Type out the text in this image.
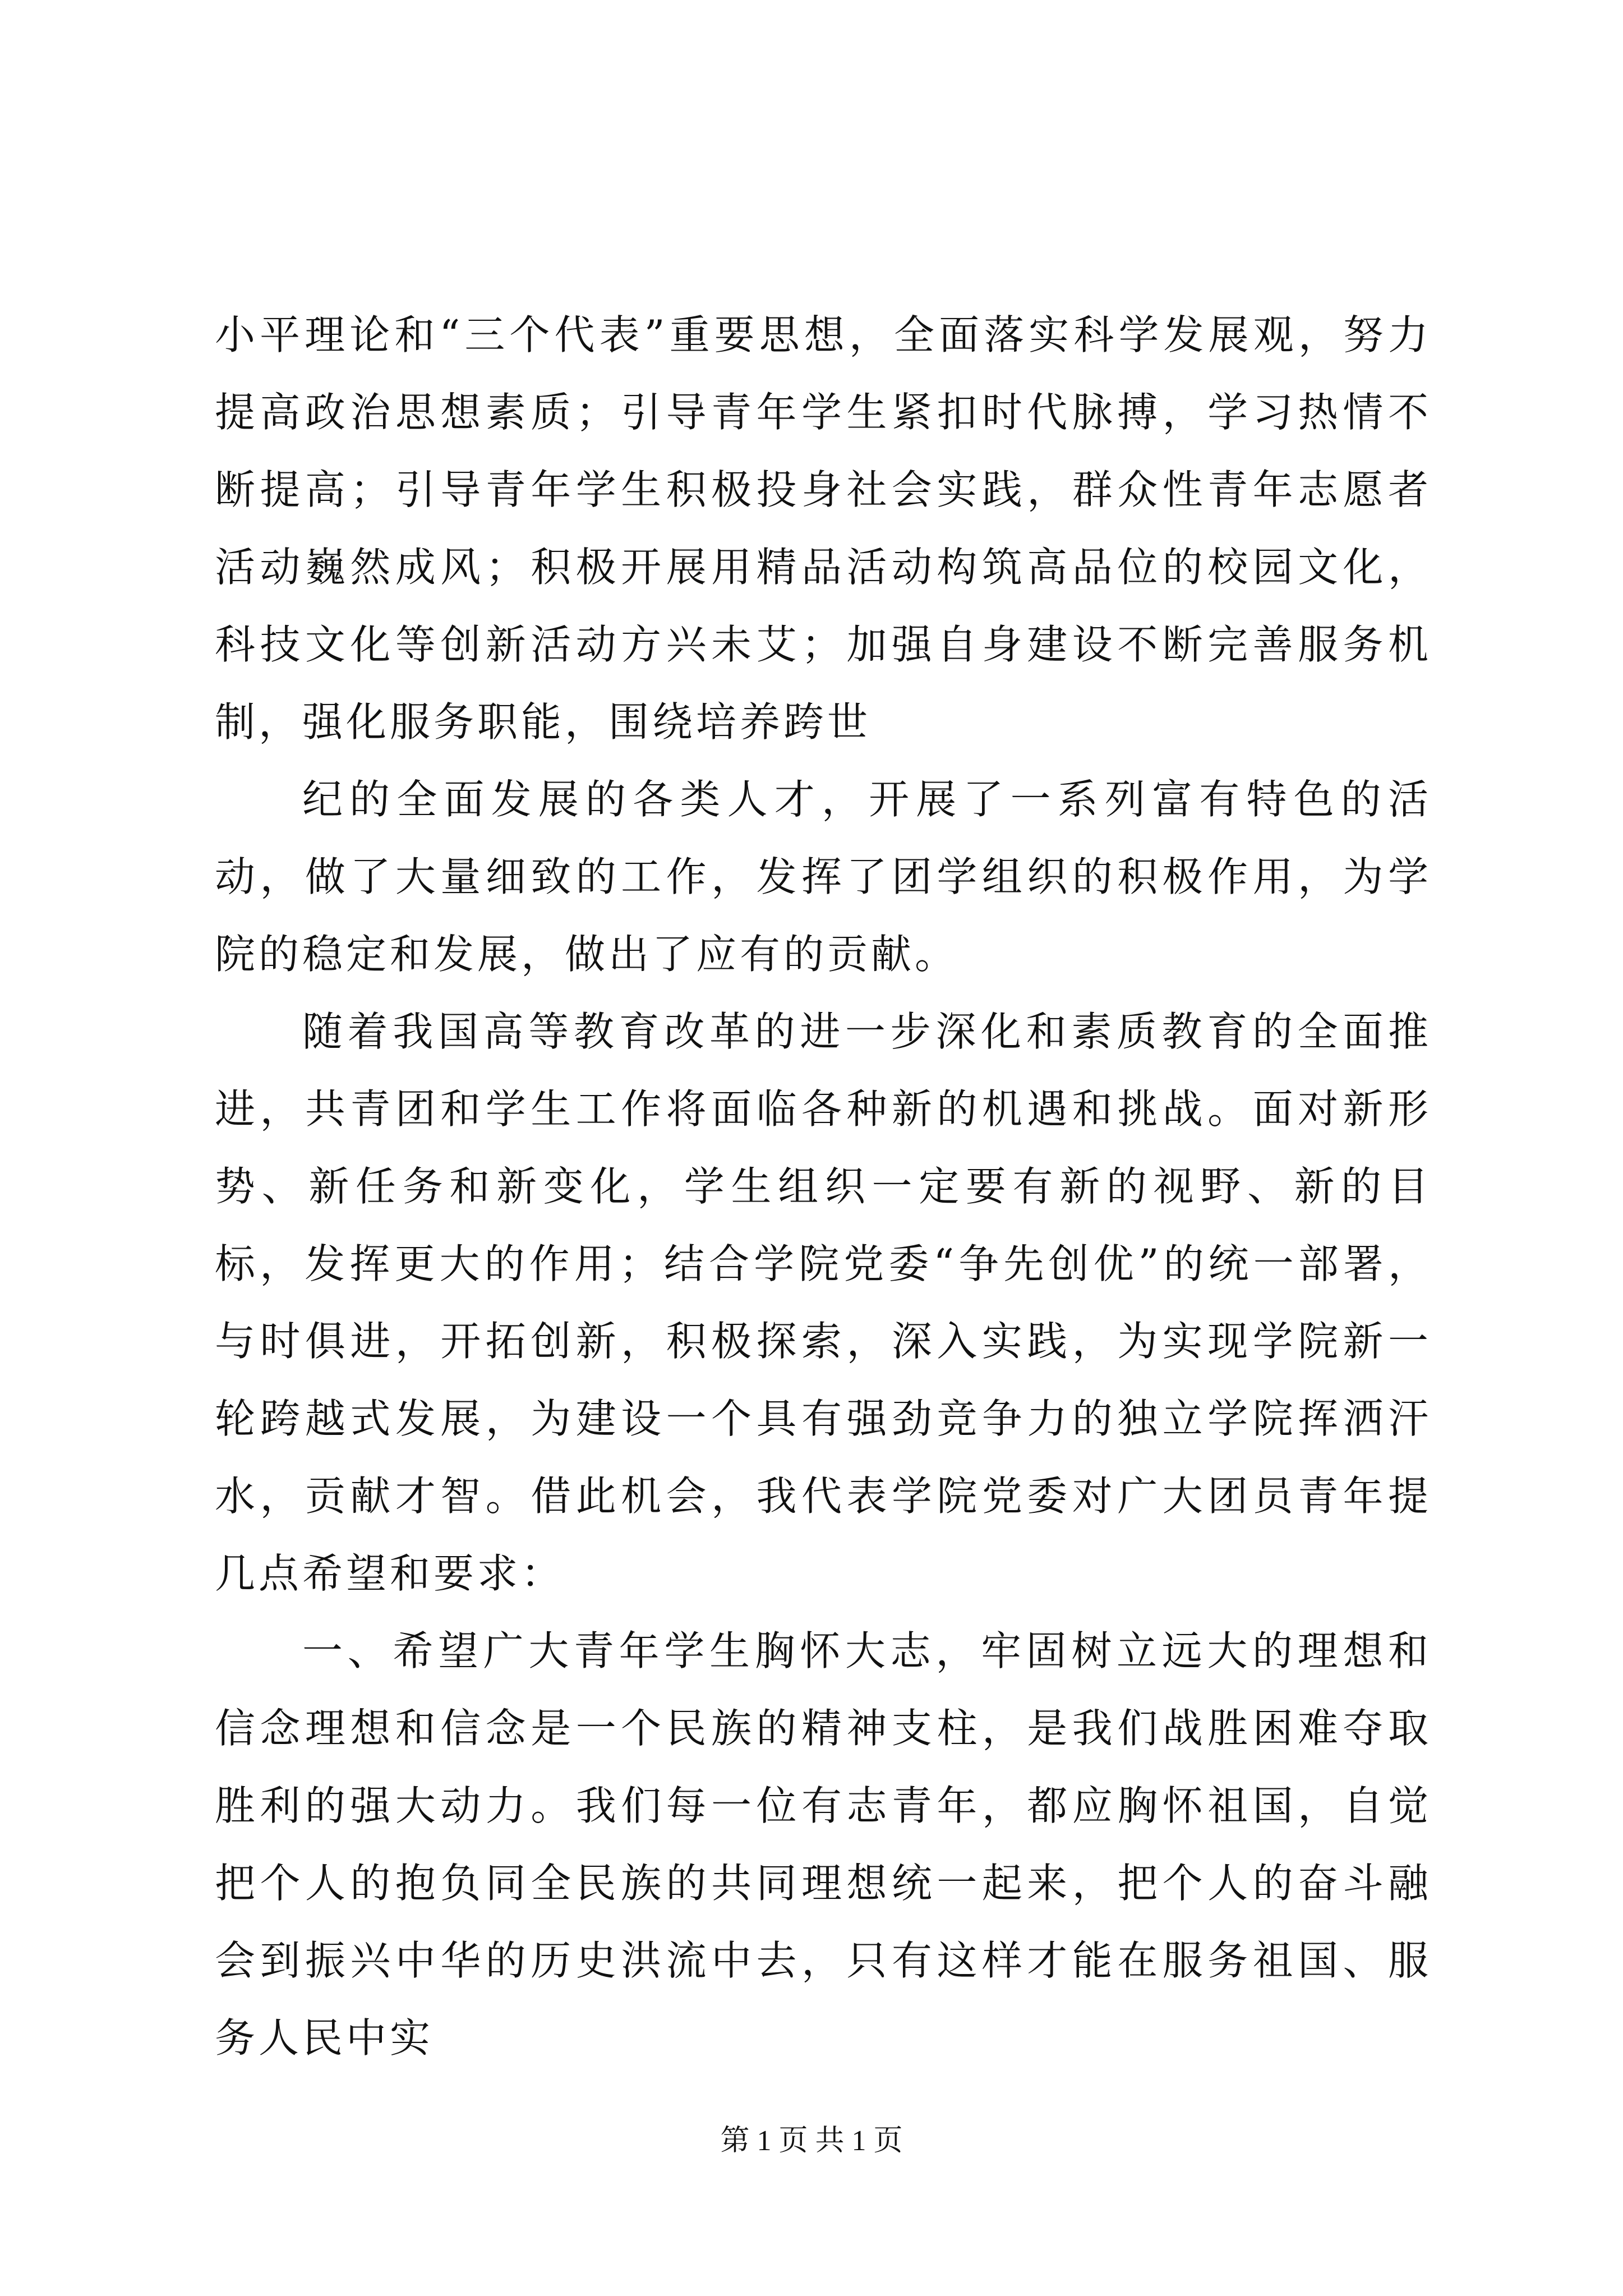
小平理论和“三个代表”重要思想，全面落实科学发展观，努力提高政治思想素质；引导青年学生紧扣时代脉搏，学习热情不断提高；引导青年学生积极投身社会实践，群众性青年志愿者活动巍然成风；积极开展用精品活动构筑高品位的校园文化，科技文化等创新活动方兴未艾；加强自身建设不断完善服务机制，强化服务职能，围绕培养跨世

纪的全面发展的各类人才，开展了一系列富有特色的活动，做了大量细致的工作，发挥了团学组织的积极作用，为学院的稳定和发展，做出了应有的贡献。

随着我国高等教育改革的进一步深化和素质教育的全面推进，共青团和学生工作将面临各种新的机遇和挑战。面对新形势、新任务和新变化，学生组织一定要有新的视野、新的目标，发挥更大的作用；结合学院党委“争先创优”的统一部署，与时俱进，开拓创新，积极探索，深入实践，为实现学院新一轮跨越式发展，为建设一个具有强劲竞争力的独立学院挥洒汗水，贡献才智。借此机会，我代表学院党委对广大团员青年提几点希望和要求：

一、希望广大青年学生胸怀大志，牢固树立远大的理想和信念理想和信念是一个民族的精神支柱，是我们战胜困难夺取胜利的强大动力。我们每一位有志青年，都应胸怀祖国，自觉把个人的抱负同全民族的共同理想统一起来，把个人的奋斗融会到振兴中华的历史洪流中去，只有这样才能在服务祖国、服务人民中实

第 1 页 共 1 页
